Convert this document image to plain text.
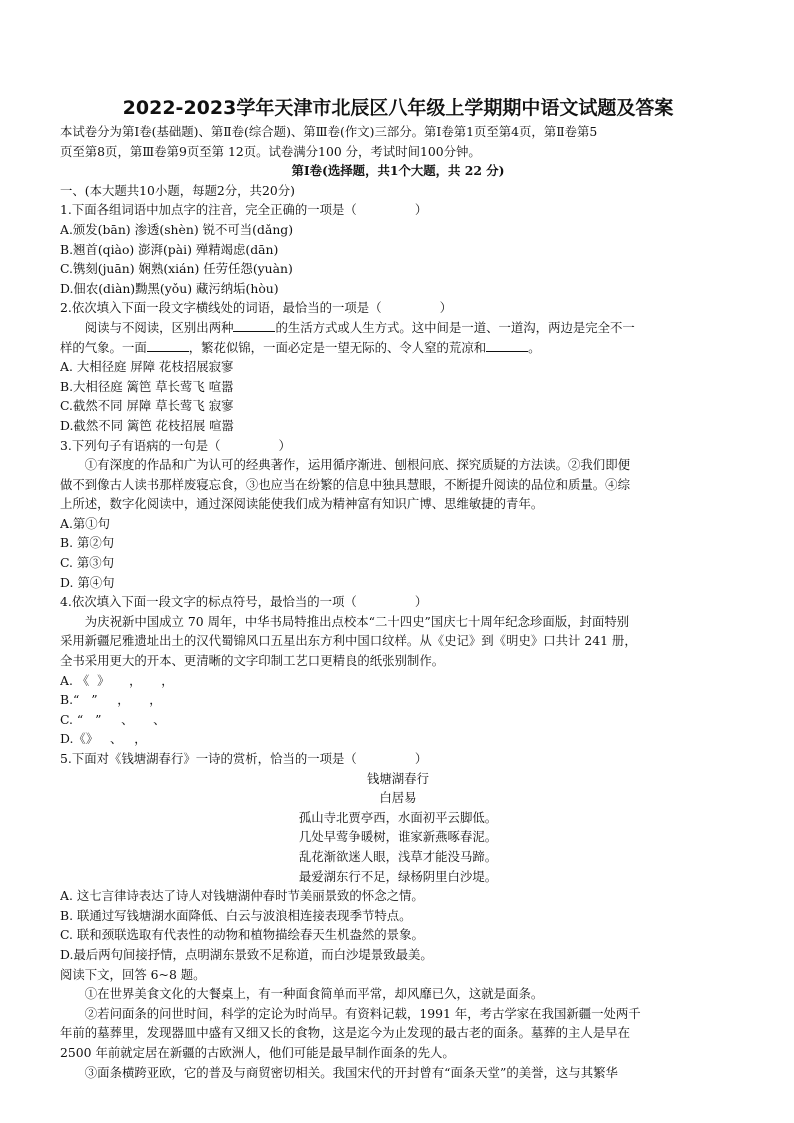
2022-2023学年天津市北辰区八年级上学期期中语文试题及答案

本试卷分为第Ⅰ卷(基础题)、第Ⅱ卷(综合题)、第Ⅲ卷(作文)三部分。第Ⅰ卷第1页至第4页，第Ⅱ卷第5

页至第8页，第Ⅲ卷第9页至第 12页。试卷满分100 分，考试时间100分钟。

第Ⅰ卷(选择题，共1个大题，共 22 分)

一、(本大题共10小题，每题2分，共20分)

1.下面各组词语中加点字的注音，完全正确的一项是（	）

A.颁发(bān) 渗透(shèn) 锐不可当(dǎng)

B.翘首(qiào) 澎湃(pài) 殚精竭虑(dān)

C.镌刻(juān) 娴熟(xián) 任劳任怨(yuàn)

D.佃农(diàn)黝黑(yǒu) 藏污纳垢(hòu)

2.依次填入下面一段文字横线处的词语，最恰当的一项是（	）

阅读与不阅读，区别出两种	的生活方式或人生方式。这中间是一道、一道沟，两边是完全不一

样的气象。一面	，繁花似锦，一面必定是一望无际的、令人窒的荒凉和	。

A. 大相径庭 屏障 花枝招展寂寥

B.大相径庭 篱笆 草长莺飞 喧嚣

C.截然不同 屏障 草长莺飞 寂寥

D.截然不同 篱笆 花枝招展 喧嚣

3.下列句子有语病的一句是（	）

①有深度的作品和广为认可的经典著作，运用循序渐进、刨根问底、探究质疑的方法读。②我们即便

做不到像古人读书那样废寝忘食，③也应当在纷繁的信息中独具慧眼，不断提升阅读的品位和质量。④综

上所述，数字化阅读中，通过深阅读能使我们成为精神富有知识广博、思维敏捷的青年。

A.第①句

B. 第②句

C. 第③句

D. 第④句

4.依次填入下面一段文字的标点符号，最恰当的一项（	）

为庆祝新中国成立 70 周年，中华书局特推出点校本“二十四史”国庆七十周年纪念珍面版，封面特别

采用新疆尼雅遗址出土的汉代蜀锦风口五星出东方利中国口纹样。从《史记》到《明史》口共计 241 册，

全书采用更大的开本、更清晰的文字印制工艺口更精良的纸张别制作。

A. 《  》     ，     ，

B.“   ”     ，     ，

C. “   ”     、     、

D.《》   、   ，

5.下面对《钱塘湖春行》一诗的赏析，恰当的一项是（	）

钱塘湖春行

白居易

孤山寺北贾亭西，水面初平云脚低。

几处早莺争暖树，谁家新燕啄春泥。

乱花渐欲迷人眼，浅草才能没马蹄。

最爱湖东行不足，绿杨阴里白沙堤。

A. 这七言律诗表达了诗人对钱塘湖仲春时节美丽景致的怀念之情。

B. 联通过写钱塘湖水面降低、白云与波浪相连接表现季节特点。

C. 联和颈联选取有代表性的动物和植物描绘春天生机盎然的景象。

D.最后两句间接抒情，点明湖东景致不足称道，而白沙堤景致最美。

阅读下文，回答 6~8 题。

①在世界美食文化的大餐桌上，有一种面食简单而平常，却风靡已久，这就是面条。

②若问面条的问世时间，科学的定论为时尚早。有资料记载，1991 年，考古学家在我国新疆一处两千

年前的墓葬里，发现器皿中盛有又细又长的食物，这是迄今为止发现的最古老的面条。墓葬的主人是早在

2500 年前就定居在新疆的古欧洲人，他们可能是最早制作面条的先人。

③面条横跨亚欧，它的普及与商贸密切相关。我国宋代的开封曾有“面条天堂”的美誉，这与其繁华
